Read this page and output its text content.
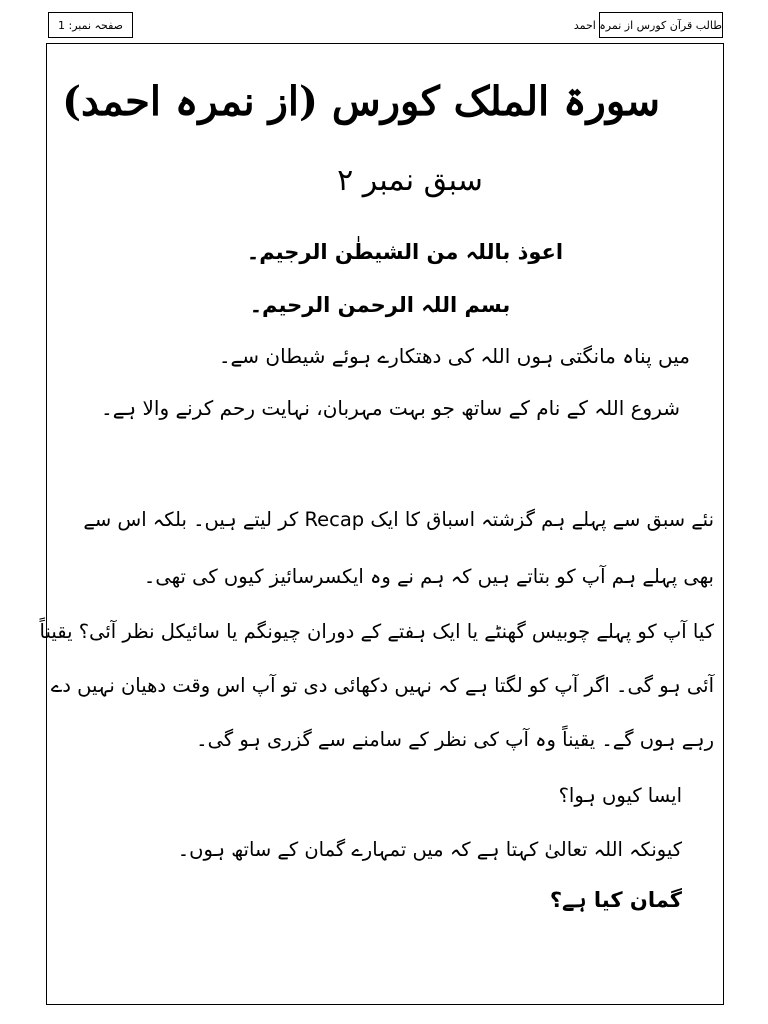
صفحہ نمبر: 1	طالب قرآن کورس از نمرہ احمد
سورۃ الملک کورس (از نمرہ احمد)
سبق نمبر ۲
اعوذ باللہ من الشیطٰن الرجیم۔
بسم اللہ الرحمن الرحیم۔
میں پناہ مانگتی ہوں اللہ کی دھتکارے ہوئے شیطان سے۔
شروع اللہ کے نام کے ساتھ جو بہت مہربان، نہایت رحم کرنے والا ہے۔
نئے سبق سے پہلے ہم گزشتہ اسباق کا ایک Recap کر لیتے ہیں۔ بلکہ اس سے
بھی پہلے ہم آپ کو بتاتے ہیں کہ ہم نے وہ ایکسرسائیز کیوں کی تھی۔
کیا آپ کو پہلے چوبیس گھنٹے یا ایک ہفتے کے دوران چیونگم یا سائیکل نظر آئی؟ یقیناً
آئی ہو گی۔ اگر آپ کو لگتا ہے کہ نہیں دکھائی دی تو آپ اس وقت دھیان نہیں دے
رہے ہوں گے۔ یقیناً وہ آپ کی نظر کے سامنے سے گزری ہو گی۔
ایسا کیوں ہوا؟
کیونکہ اللہ تعالیٰ کہتا ہے کہ میں تمہارے گمان کے ساتھ ہوں۔
گمان کیا ہے؟
